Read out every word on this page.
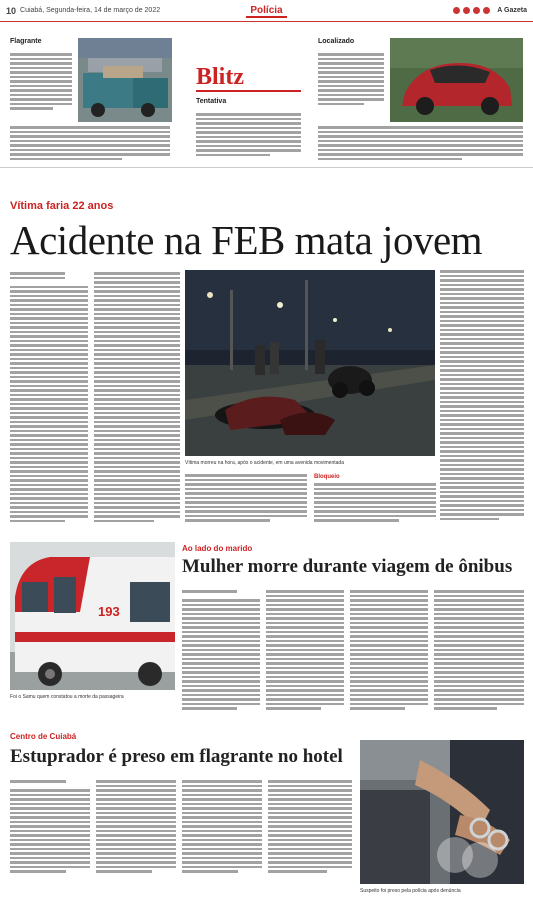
10 Cuiabá, Segunda-feira, 14 de março de 2022	Polícia	A Gazeta
Flagrante
Tentativa
Localizado
Blitz
Vítima faria 22 anos
Acidente na FEB mata jovem
Vítima morreu na hora, após o acidente, em uma avenida movimentada
Bloqueio
193
Foi o Samu quem constatou a morte da passageira
Ao lado do marido
Mulher morre durante viagem de ônibus
Centro de Cuiabá
Estuprador é preso em flagrante no hotel
Suspeito foi preso pela polícia após denúncia
